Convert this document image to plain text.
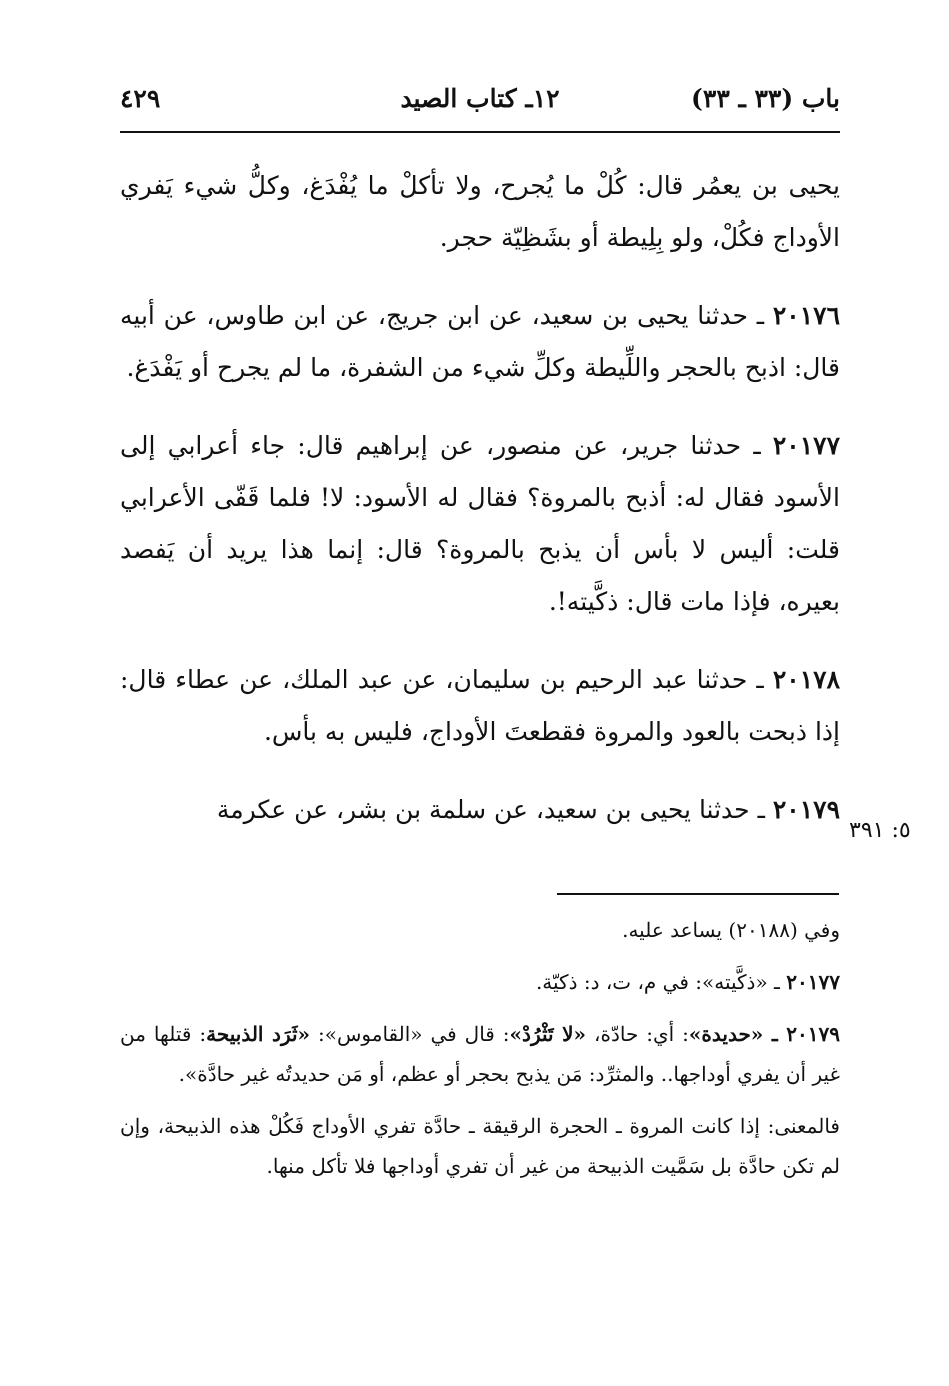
باب (٣٣ ـ ٣٣)
١٢ـ كتاب الصيد
٤٢٩

يحيى بن يعمُر قال: كُلْ ما يُجرح، ولا تأكلْ ما يُفْدَغ، وكلُّ شيء يَفري الأوداج فكُلْ، ولو بِلِيطة أو بشَظِيّة حجر.

٢٠١٧٦ ـ حدثنا يحيى بن سعيد، عن ابن جريج، عن ابن طاوس، عن أبيه قال: اذبح بالحجر واللِّيطة وكلِّ شيء من الشفرة، ما لم يجرح أو يَفْدَغ.

٢٠١٧٧ ـ حدثنا جرير، عن منصور، عن إبراهيم قال: جاء أعرابي إلى الأسود فقال له: أذبح بالمروة؟ فقال له الأسود: لا! فلما قَفّى الأعرابي قلت: أليس لا بأس أن يذبح بالمروة؟ قال: إنما هذا يريد أن يَفصد بعيره، فإذا مات قال: ذكَّيته!.

٢٠١٧٨ ـ حدثنا عبد الرحيم بن سليمان، عن عبد الملك، عن عطاء قال: إذا ذبحت بالعود والمروة فقطعتَ الأوداج، فليس به بأس.

٢٠١٧٩ ـ حدثنا يحيى بن سعيد، عن سلمة بن بشر، عن عكرمة

٥: ٣٩١

وفي (٢٠١٨٨) يساعد عليه.

٢٠١٧٧ ـ «ذكَّيته»: في م، ت، د: ذكيّة.

٢٠١٧٩ ـ «حديدة»: أي: حادّة، «لا تَثْرُدْ»: قال في «القاموس»: «ثَرَد الذبيحة: قتلها من غير أن يفري أوداجها.. والمثرِّد: مَن يذبح بحجر أو عظم، أو مَن حديدتُه غير حادَّة».

فالمعنى: إذا كانت المروة ـ الحجرة الرقيقة ـ حادَّة تفري الأوداج فَكُلْ هذه الذبيحة، وإن لم تكن حادَّة بل سَمَّيت الذبيحة من غير أن تفري أوداجها فلا تأكل منها.
